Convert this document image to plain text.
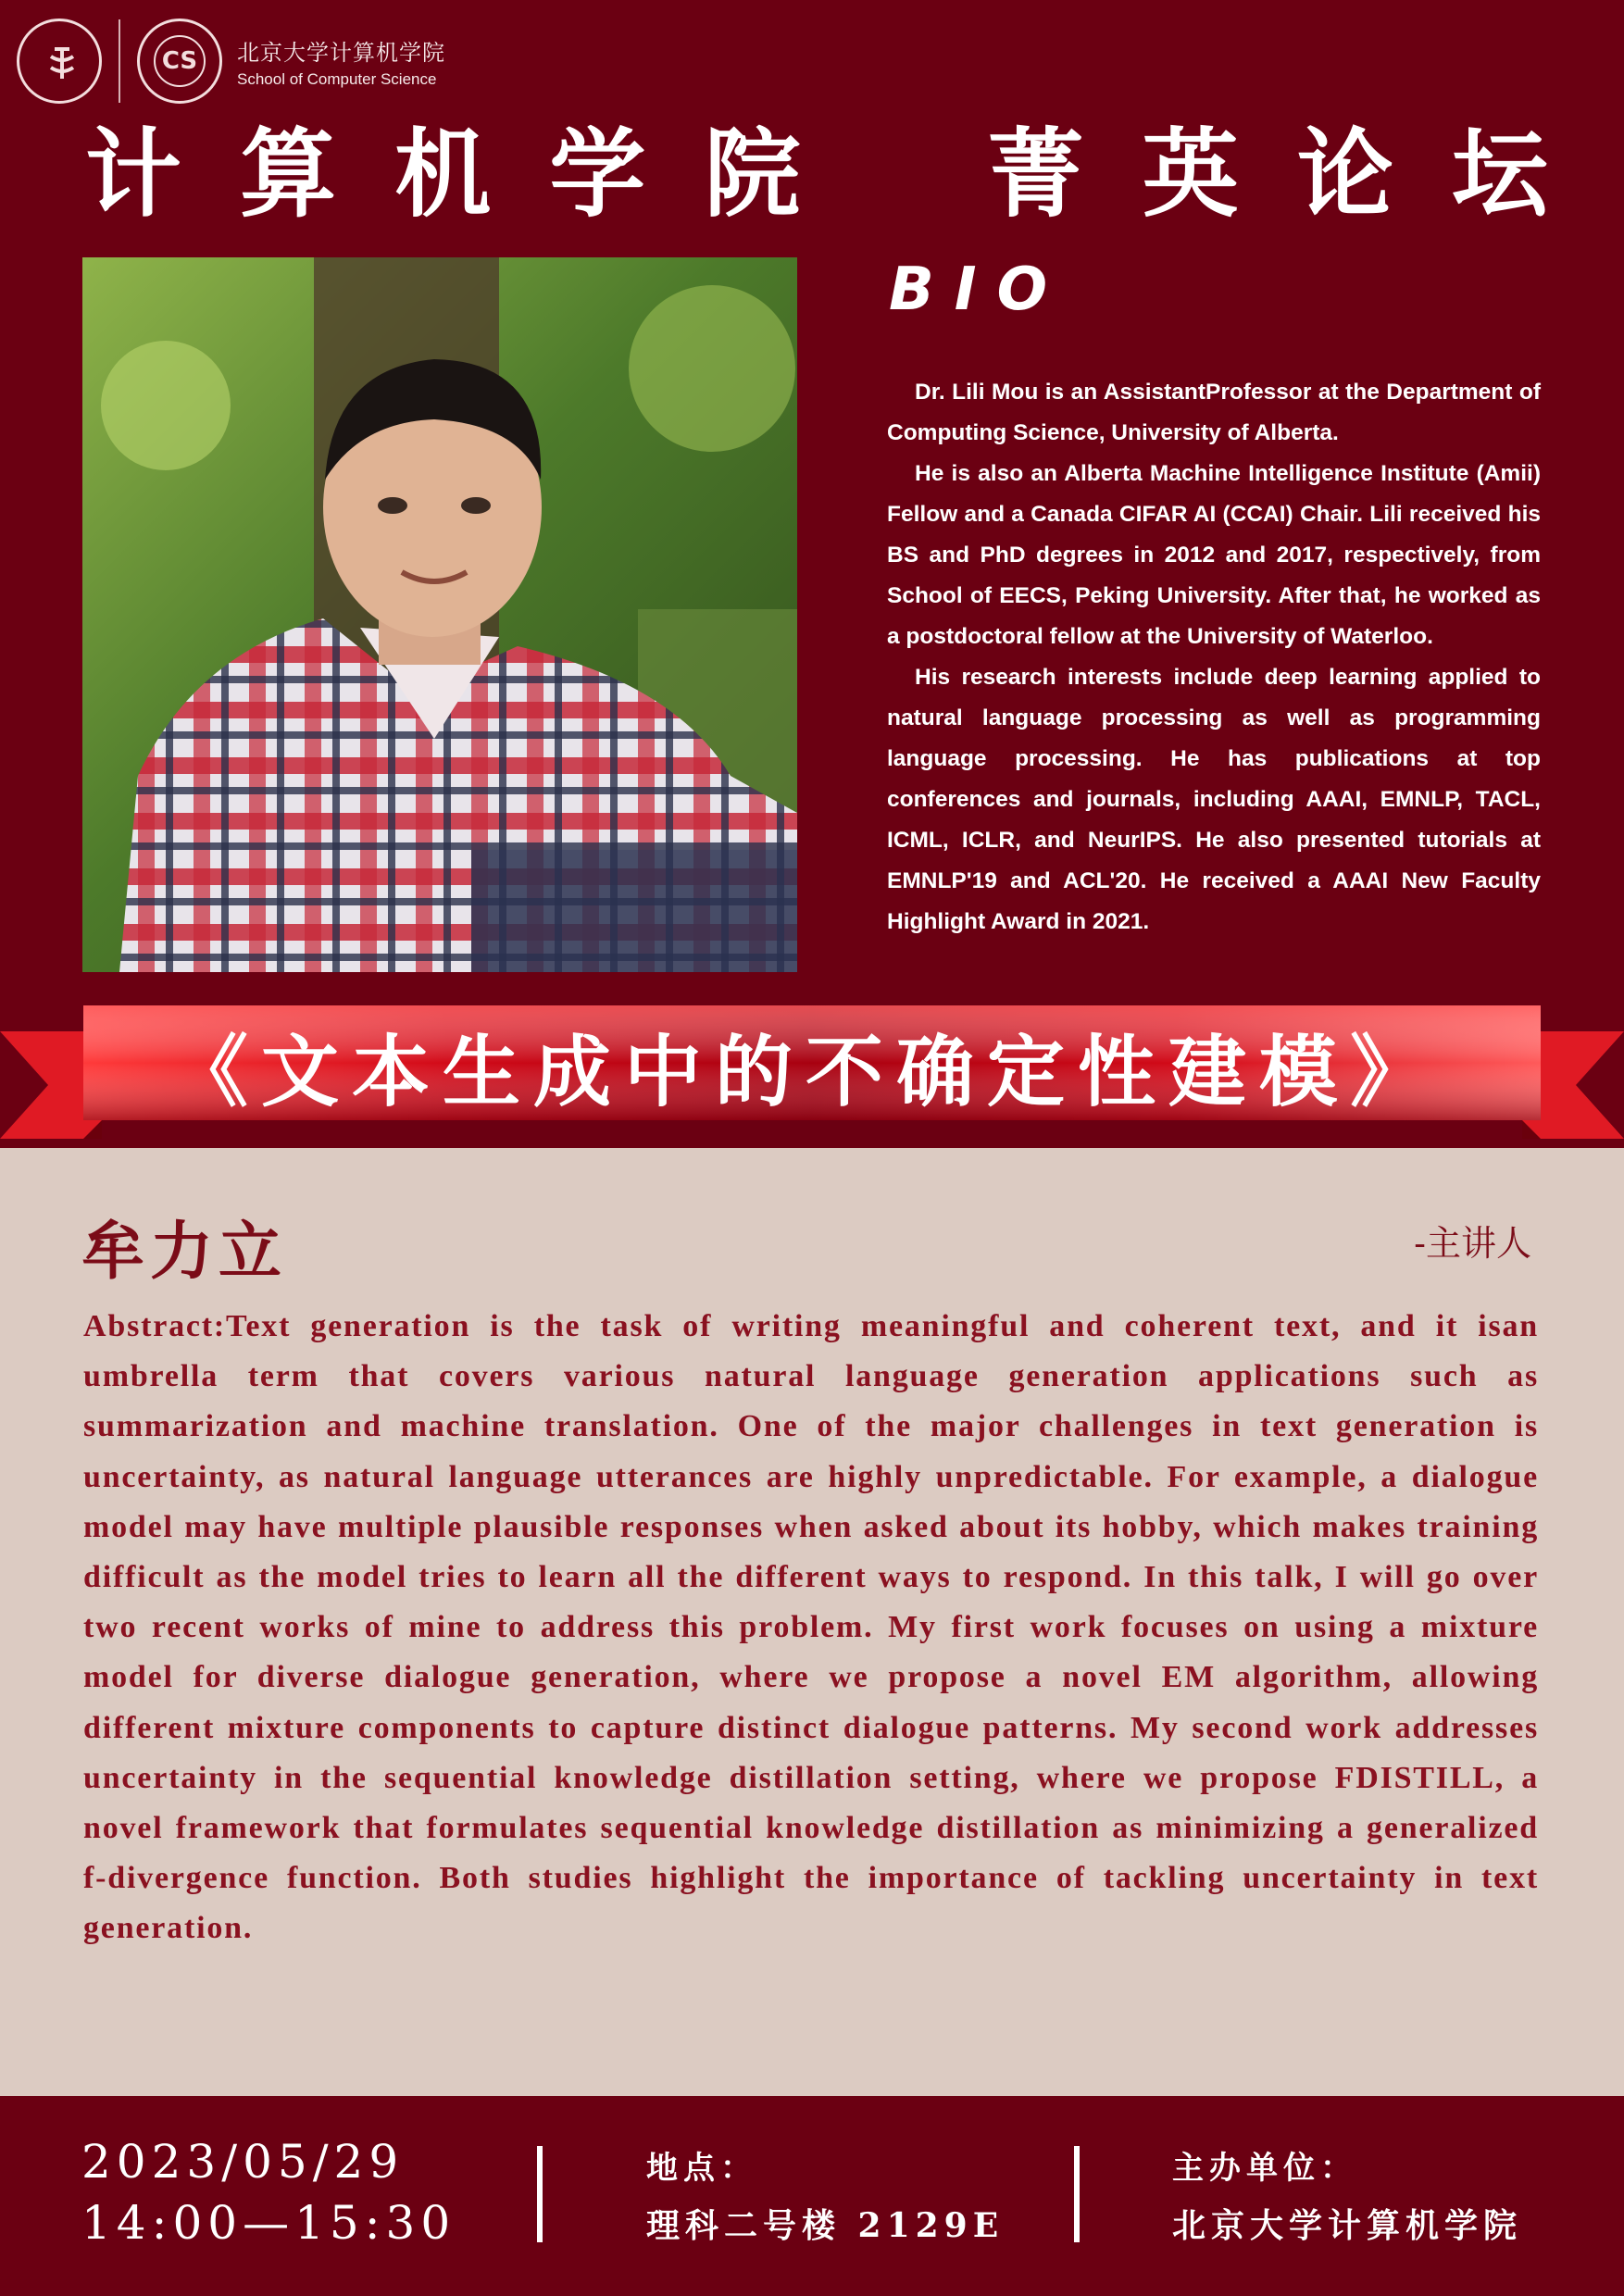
CS	北京大学计算机学院
School of Computer Science
计 算 机 学 院 菁 英 论 坛
BIO

Dr. Lili Mou is an AssistantProfessor at the Department of Computing Science, University of Alberta.

He is also an Alberta Machine Intelligence Institute (Amii) Fellow and a Canada CIFAR AI (CCAI) Chair. Lili received his BS and PhD degrees in 2012 and 2017, respectively, from School of EECS, Peking University. After that, he worked as a postdoctoral fellow at the University of Waterloo.

His research interests include deep learning applied to natural language processing as well as programming language processing. He has publications at top conferences and journals, including AAAI, EMNLP, TACL, ICML, ICLR, and NeurIPS. He also presented tutorials at EMNLP'19 and ACL'20. He received a AAAI New Faculty Highlight Award in 2021.

《文本生成中的不确定性建模》
牟力立	-主讲人

Abstract:Text generation is the task of writing meaningful and coherent text, and it isan umbrella term that covers various natural language generation applications such as summarization and machine translation. One of the major challenges in text generation is uncertainty, as natural language utterances are highly unpredictable. For example, a dialogue model may have multiple plausible responses when asked about its hobby, which makes training difficult as the model tries to learn all the different ways to respond. In this talk, I will go over two recent works of mine to address this problem. My first work focuses on using a mixture model for diverse dialogue generation, where we propose a novel EM algorithm, allowing different mixture components to capture distinct dialogue patterns. My second work addresses uncertainty in the sequential knowledge distillation setting, where we propose FDISTILL, a novel framework that formulates sequential knowledge distillation as minimizing a generalized f-divergence function. Both studies highlight the importance of tackling uncertainty in text generation.

2023/05/29
14:00—15:30
地点：
理科二号楼 2129E
主办单位：
北京大学计算机学院
